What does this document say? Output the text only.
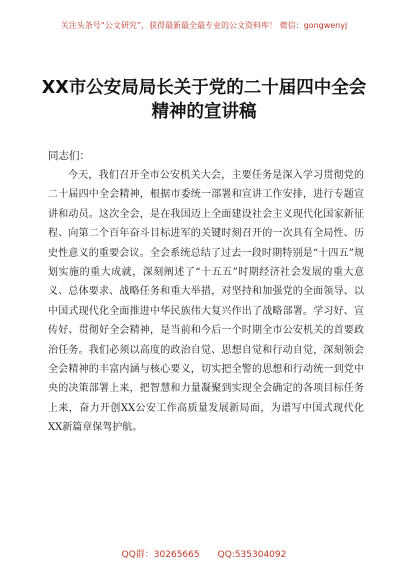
关注头条号“公文研究”，获得最新最全最专业的公文资料库！ 微信：gongwenyj
XX市公安局局长关于党的二十届四中全会精神的宣讲稿
同志们：
今天，我们召开全市公安机关大会，主要任务是深入学习贯彻党的二十届四中全会精神，根据市委统一部署和宣讲工作安排，进行专题宣讲和动员。这次全会，是在我国迈上全面建设社会主义现代化国家新征程、向第二个百年奋斗目标进军的关键时刻召开的一次具有全局性、历史性意义的重要会议。全会系统总结了过去一段时期特别是“十四五”规划实施的重大成就，深刻阐述了“十五五”时期经济社会发展的重大意义、总体要求、战略任务和重大举措，对坚持和加强党的全面领导、以中国式现代化全面推进中华民族伟大复兴作出了战略部署。学习好、宣传好、贯彻好全会精神，是当前和今后一个时期全市公安机关的首要政治任务。我们必须以高度的政治自觉、思想自觉和行动自觉，深刻领会全会精神的丰富内涵与核心要义，切实把全警的思想和行动统一到党中央的决策部署上来，把智慧和力量凝聚到实现全会确定的各项目标任务上来，奋力开创XX公安工作高质量发展新局面，为谱写中国式现代化XX新篇章保驾护航。
QQ群：30265665 QQ:535304092
